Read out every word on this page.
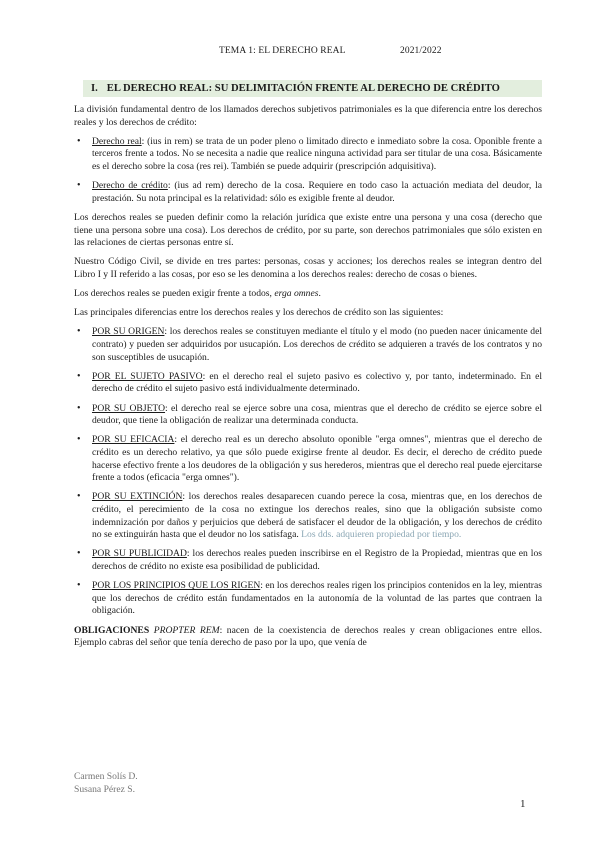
TEMA 1: EL DERECHO REAL	2021/2022
I. EL DERECHO REAL: SU DELIMITACIÓN FRENTE AL DERECHO DE CRÉDITO

La división fundamental dentro de los llamados derechos subjetivos patrimoniales es la que diferencia entre los derechos reales y los derechos de crédito:

• Derecho real: (ius in rem) se trata de un poder pleno o limitado directo e inmediato sobre la cosa. Oponible frente a terceros frente a todos. No se necesita a nadie que realice ninguna actividad para ser titular de una cosa. Básicamente es el derecho sobre la cosa (res rei). También se puede adquirir (prescripción adquisitiva).
• Derecho de crédito: (ius ad rem) derecho de la cosa. Requiere en todo caso la actuación mediata del deudor, la prestación. Su nota principal es la relatividad: sólo es exigible frente al deudor.

Los derechos reales se pueden definir como la relación jurídica que existe entre una persona y una cosa (derecho que tiene una persona sobre una cosa). Los derechos de crédito, por su parte, son derechos patrimoniales que sólo existen en las relaciones de ciertas personas entre sí.

Nuestro Código Civil, se divide en tres partes: personas, cosas y acciones; los derechos reales se integran dentro del Libro I y II referido a las cosas, por eso se les denomina a los derechos reales: derecho de cosas o bienes.

Los derechos reales se pueden exigir frente a todos, erga omnes.

Las principales diferencias entre los derechos reales y los derechos de crédito son las siguientes:

• POR SU ORIGEN: los derechos reales se constituyen mediante el título y el modo (no pueden nacer únicamente del contrato) y pueden ser adquiridos por usucapión. Los derechos de crédito se adquieren a través de los contratos y no son susceptibles de usucapión.
• POR EL SUJETO PASIVO: en el derecho real el sujeto pasivo es colectivo y, por tanto, indeterminado. En el derecho de crédito el sujeto pasivo está individualmente determinado.
• POR SU OBJETO: el derecho real se ejerce sobre una cosa, mientras que el derecho de crédito se ejerce sobre el deudor, que tiene la obligación de realizar una determinada conducta.
• POR SU EFICACIA: el derecho real es un derecho absoluto oponible "erga omnes", mientras que el derecho de crédito es un derecho relativo, ya que sólo puede exigirse frente al deudor. Es decir, el derecho de crédito puede hacerse efectivo frente a los deudores de la obligación y sus herederos, mientras que el derecho real puede ejercitarse frente a todos (eficacia "erga omnes").
• POR SU EXTINCIÓN: los derechos reales desaparecen cuando perece la cosa, mientras que, en los derechos de crédito, el perecimiento de la cosa no extingue los derechos reales, sino que la obligación subsiste como indemnización por daños y perjuicios que deberá de satisfacer el deudor de la obligación, y los derechos de crédito no se extinguirán hasta que el deudor no los satisfaga. Los dds. adquieren propiedad por tiempo.
• POR SU PUBLICIDAD: los derechos reales pueden inscribirse en el Registro de la Propiedad, mientras que en los derechos de crédito no existe esa posibilidad de publicidad.
• POR LOS PRINCIPIOS QUE LOS RIGEN: en los derechos reales rigen los principios contenidos en la ley, mientras que los derechos de crédito están fundamentados en la autonomía de la voluntad de las partes que contraen la obligación.

OBLIGACIONES PROPTER REM: nacen de la coexistencia de derechos reales y crean obligaciones entre ellos. Ejemplo cabras del señor que tenía derecho de paso por la upo, que venía de

Carmen Solís D.
Susana Pérez S.
1
